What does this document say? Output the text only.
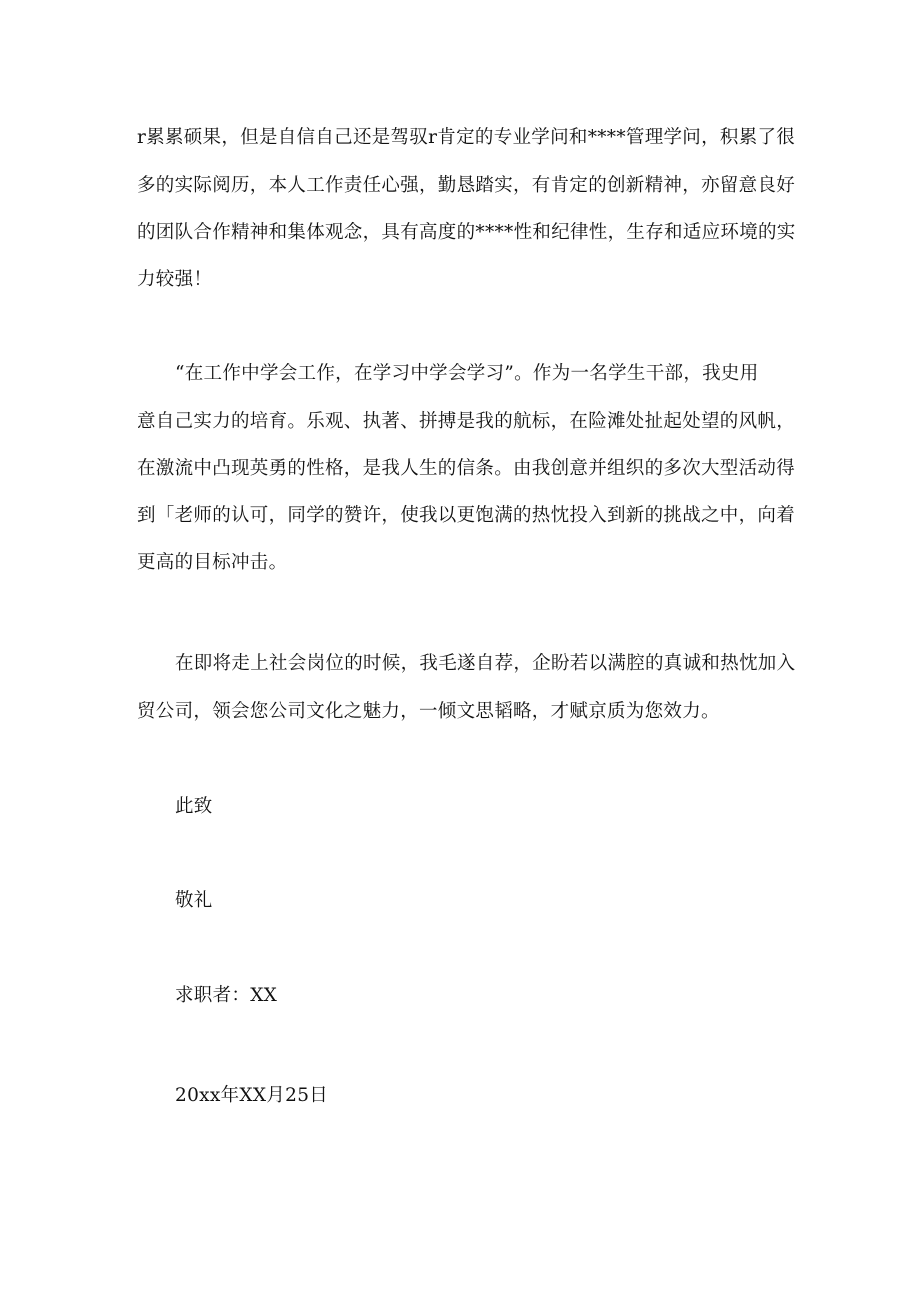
r累累硕果，但是自信自己还是驾驭r肯定的专业学问和****管理学问，积累了很
多的实际阅历，本人工作责任心强，勤恳踏实，有肯定的创新精神，亦留意良好
的团队合作精神和集体观念，具有高度的****性和纪律性，生存和适应环境的实
力较强！
“在工作中学会工作，在学习中学会学习”。作为一名学生干部，我史用
意自己实力的培育。乐观、执著、拼搏是我的航标，在险滩处扯起处望的风帆，
在激流中凸现英勇的性格，是我人生的信条。由我创意并组织的多次大型活动得
到「老师的认可，同学的赞许，使我以更饱满的热忱投入到新的挑战之中，向着
更高的目标冲击。
在即将走上社会岗位的时候，我毛遂自荐，企盼若以满腔的真诚和热忱加入
贸公司，领会您公司文化之魅力，一倾文思韬略，才赋京质为您效力。
此致
敬礼
求职者：XX
20xx年XX月25日
